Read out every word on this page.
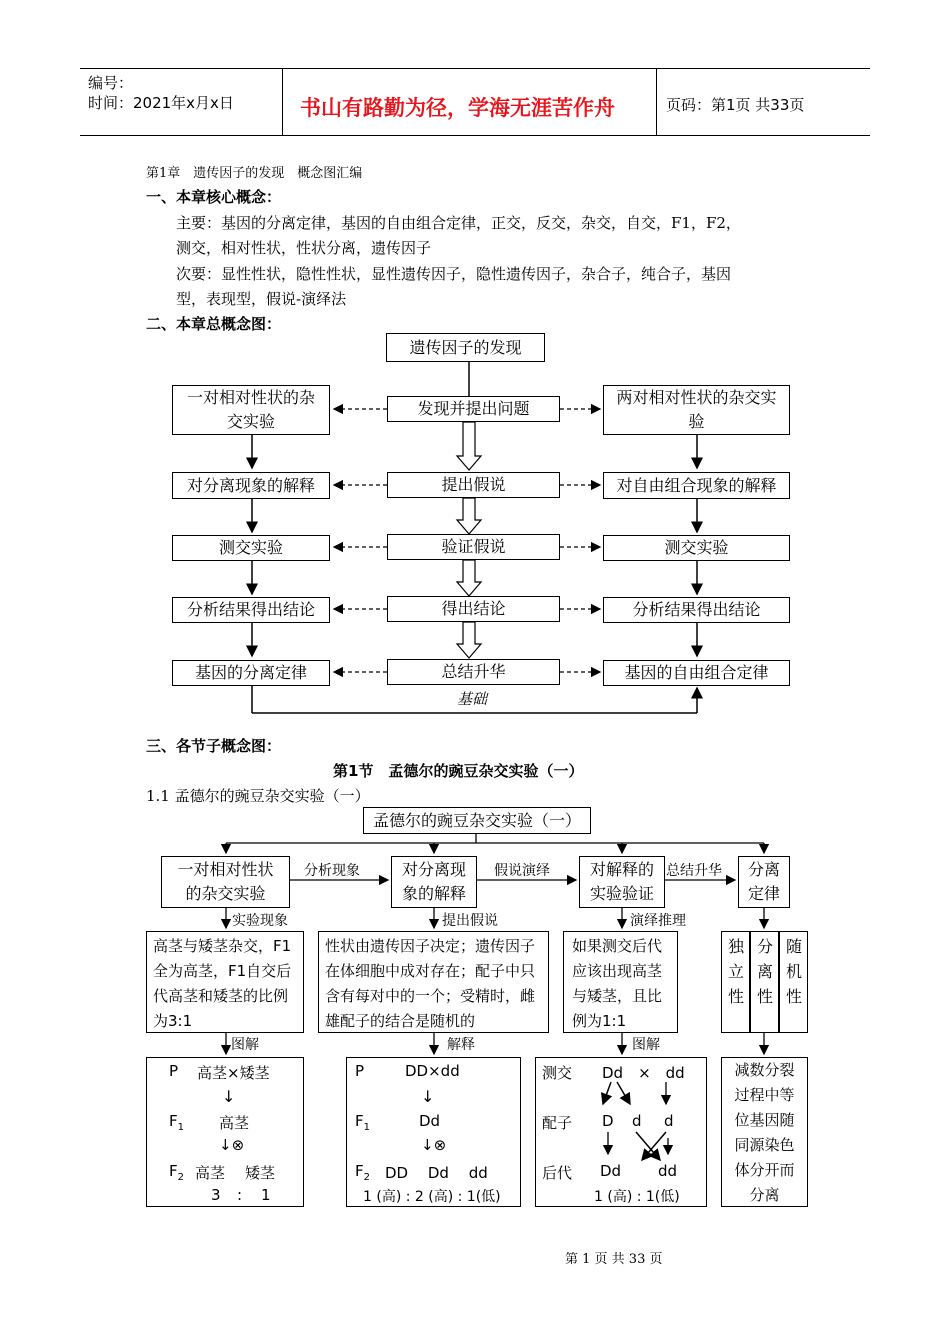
编号：
时间：2021年x月x日	书山有路勤为径，学海无涯苦作舟	页码：第1页 共33页
第1章　遗传因子的发现　概念图汇编
一、本章核心概念：
主要：基因的分离定律，基因的自由组合定律，正交，反交，杂交，自交，F1，F2，
测交，相对性状，性状分离，遗传因子
次要：显性性状，隐性性状，显性遗传因子，隐性遗传因子，杂合子，纯合子，基因
型，表现型，假说-演绎法
二、本章总概念图：
遗传因子的发现
一对相对性状的杂交实验
对分离现象的解释
测交实验
分析结果得出结论
基因的分离定律
发现并提出问题
提出假说
验证假说
得出结论
总结升华
两对相对性状的杂交实验
对自由组合现象的解释
测交实验
分析结果得出结论
基因的自由组合定律
基础
三、各节子概念图：
第1节　孟德尔的豌豆杂交实验（一）
1.1 孟德尔的豌豆杂交实验（一）
↓	↓
孟德尔的豌豆杂交实验（一）
一对相对性状的杂交实验
对分离现象的解释
对解释的实验验证
分离定律
分析现象	假说演绎	总结升华
实验现象	提出假说	演绎推理
高茎与矮茎杂交，F1全为高茎，F1自交后代高茎和矮茎的比例为3:1
性状由遗传因子决定；遗传因子在体细胞中成对存在；配子中只含有每对中的一个；受精时，雌雄配子的结合是随机的
如果测交后代应该出现高茎与矮茎，且比例为1:1
独立性
分离性
随机性
图解	解释	图解
P 高茎×矮茎
$F_1$ 高茎
↓⊗
$F_2$ 高茎 矮茎
3 : 1
P	DD×dd
$F_1$	Dd
↓⊗
$F_2$ DD　 Dd　 dd
1 (高) : 2 (高) : 1(低)
测交 Dd　×　dd
配子 D d d
后代 Dd dd
1 (高) : 1(低)
减数分裂过程中等位基因随同源染色体分开而分离
第 1 页 共 33 页
